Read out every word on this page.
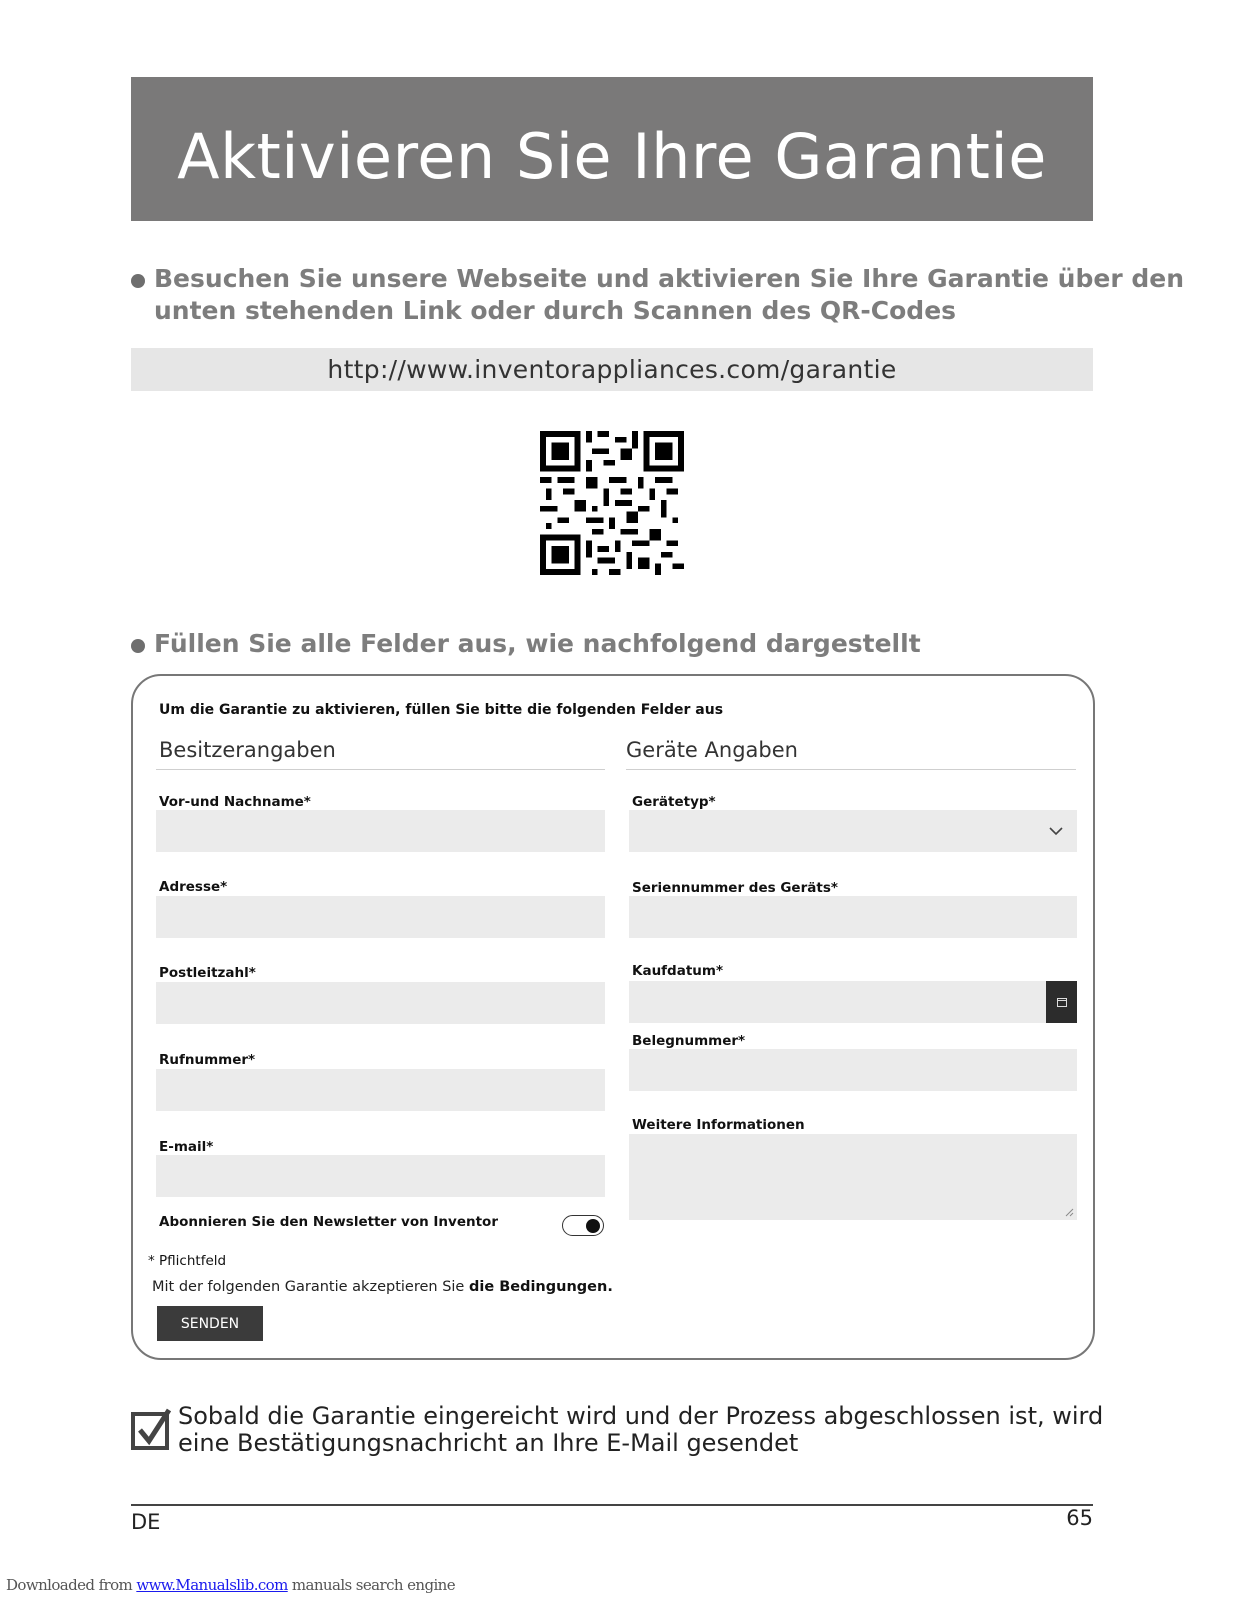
Aktivieren Sie Ihre Garantie
Besuchen Sie unsere Webseite und aktivieren Sie Ihre Garantie über den
unten stehenden Link oder durch Scannen des QR-Codes
http://www.inventorappliances.com/garantie
Füllen Sie alle Felder aus, wie nachfolgend dargestellt
Um die Garantie zu aktivieren, füllen Sie bitte die folgenden Felder aus
Besitzerangaben	Geräte Angaben
Vor-und Nachname*
Adresse*
Postleitzahl*
Rufnummer*
E-mail*
Gerätetyp*
Seriennummer des Geräts*
Kaufdatum*
Belegnummer*
Weitere Informationen
Abonnieren Sie den Newsletter von Inventor
* Pflichtfeld
Mit der folgenden Garantie akzeptieren Sie die Bedingungen.
SENDEN
Sobald die Garantie eingereicht wird und der Prozess abgeschlossen ist, wird
eine Bestätigungsnachricht an Ihre E-Mail gesendet
DE	65
Downloaded from www.Manualslib.com manuals search engine
